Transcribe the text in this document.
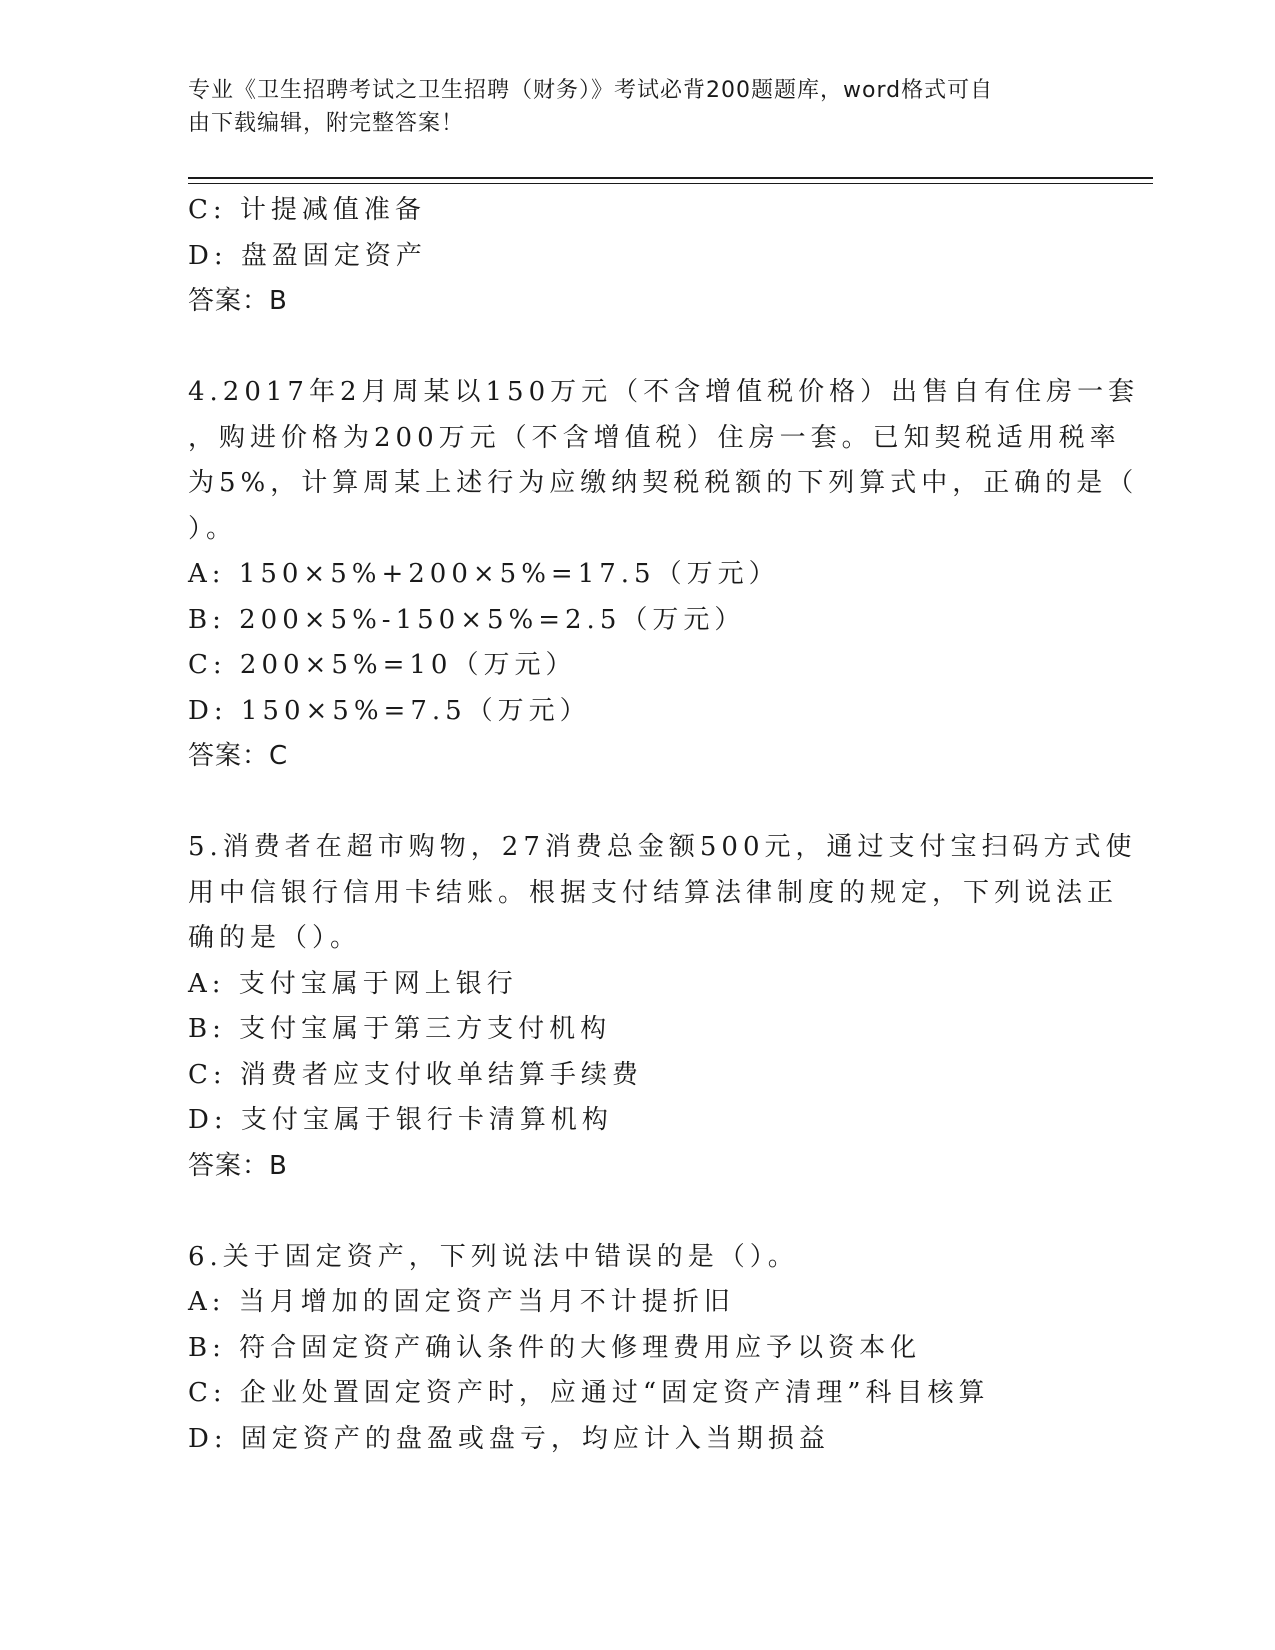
专业《卫生招聘考试之卫生招聘（财务）》考试必背200题题库，word格式可自
由下载编辑，附完整答案！
C: 计提减值准备
D: 盘盈固定资产
答案：B
4.2017年2月周某以150万元（不含增值税价格）出售自有住房一套
，购进价格为200万元（不含增值税）住房一套。已知契税适用税率
为5%，计算周某上述行为应缴纳契税税额的下列算式中，正确的是（
）。
A: 150×5%+200×5%=17.5（万元）
B: 200×5%-150×5%=2.5（万元）
C: 200×5%=10（万元）
D: 150×5%=7.5（万元）
答案：C
5.消费者在超市购物，27消费总金额500元，通过支付宝扫码方式使
用中信银行信用卡结账。根据支付结算法律制度的规定，下列说法正
确的是（）。
A: 支付宝属于网上银行
B: 支付宝属于第三方支付机构
C: 消费者应支付收单结算手续费
D: 支付宝属于银行卡清算机构
答案：B
6.关于固定资产，下列说法中错误的是（）。
A: 当月增加的固定资产当月不计提折旧
B: 符合固定资产确认条件的大修理费用应予以资本化
C: 企业处置固定资产时，应通过“固定资产清理”科目核算
D: 固定资产的盘盈或盘亏，均应计入当期损益
